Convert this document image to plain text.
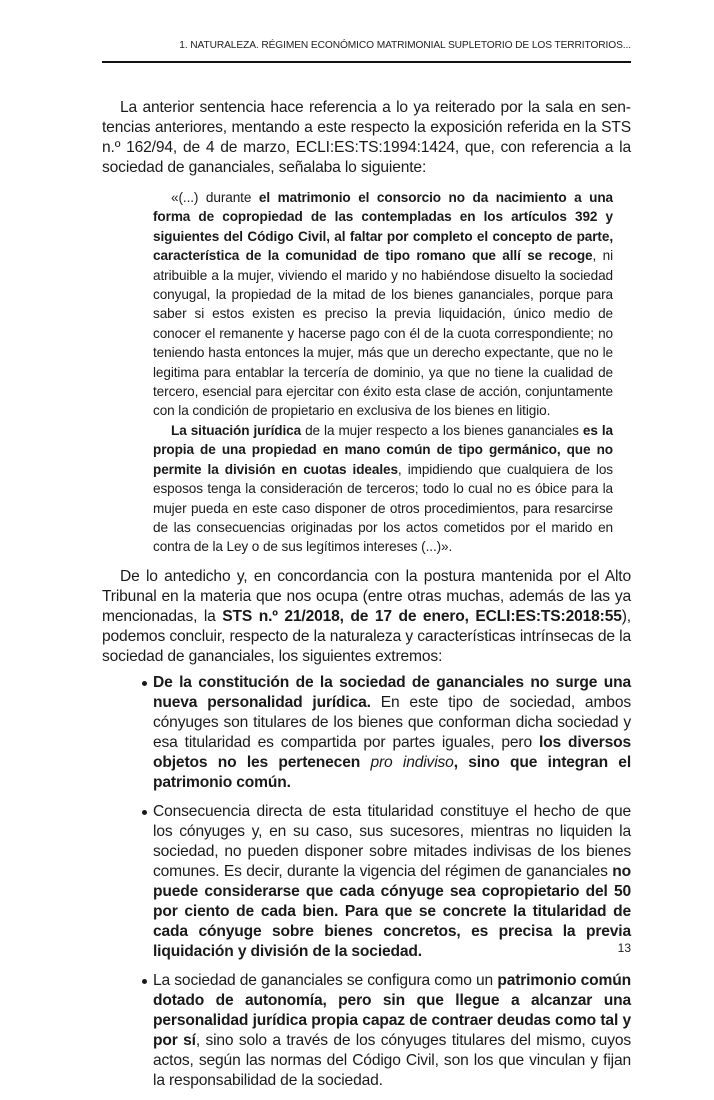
1. NATURALEZA. RÉGIMEN ECONÓMICO MATRIMONIAL SUPLETORIO DE LOS TERRITORIOS...

La anterior sentencia hace referencia a lo ya reiterado por la sala en sentencias anteriores, mentando a este respecto la exposición referida en la STS n.º 162/94, de 4 de marzo, ECLI:ES:TS:1994:1424, que, con referencia a la sociedad de gananciales, señalaba lo siguiente:

«(...) durante el matrimonio el consorcio no da nacimiento a una forma de copropiedad de las contempladas en los artículos 392 y siguientes del Código Civil, al faltar por completo el concepto de parte, característica de la comunidad de tipo romano que allí se recoge, ni atribuible a la mujer, viviendo el marido y no habiéndose disuelto la sociedad conyugal, la propiedad de la mitad de los bienes gananciales, porque para saber si estos existen es preciso la previa liquidación, único medio de conocer el remanente y hacerse pago con él de la cuota correspondiente; no teniendo hasta entonces la mujer, más que un derecho expectante, que no le legitima para entablar la tercería de dominio, ya que no tiene la cualidad de tercero, esencial para ejercitar con éxito esta clase de acción, conjuntamente con la condición de propietario en exclusiva de los bienes en litigio.

La situación jurídica de la mujer respecto a los bienes gananciales es la propia de una propiedad en mano común de tipo germánico, que no permite la división en cuotas ideales, impidiendo que cualquiera de los esposos tenga la consideración de terceros; todo lo cual no es óbice para la mujer pueda en este caso disponer de otros procedimientos, para resarcirse de las consecuencias originadas por los actos cometidos por el marido en contra de la Ley o de sus legítimos intereses (...)».

De lo antedicho y, en concordancia con la postura mantenida por el Alto Tribunal en la materia que nos ocupa (entre otras muchas, además de las ya mencionadas, la STS n.º 21/2018, de 17 de enero, ECLI:ES:TS:2018:55), podemos concluir, respecto de la naturaleza y características intrínsecas de la sociedad de gananciales, los siguientes extremos:

De la constitución de la sociedad de gananciales no surge una nueva personalidad jurídica. En este tipo de sociedad, ambos cónyuges son titulares de los bienes que conforman dicha sociedad y esa titularidad es compartida por partes iguales, pero los diversos objetos no les pertenecen pro indiviso, sino que integran el patrimonio común.
Consecuencia directa de esta titularidad constituye el hecho de que los cónyuges y, en su caso, sus sucesores, mientras no liquiden la sociedad, no pueden disponer sobre mitades indivisas de los bienes comunes. Es decir, durante la vigencia del régimen de gananciales no puede considerarse que cada cónyuge sea copropietario del 50 por ciento de cada bien. Para que se concrete la titularidad de cada cónyuge sobre bienes concretos, es precisa la previa liquidación y división de la sociedad.
La sociedad de gananciales se configura como un patrimonio común dotado de autonomía, pero sin que llegue a alcanzar una personalidad jurídica propia capaz de contraer deudas como tal y por sí, sino solo a través de los cónyuges titulares del mismo, cuyos actos, según las normas del Código Civil, son los que vinculan y fijan la responsabilidad de la sociedad.
13
